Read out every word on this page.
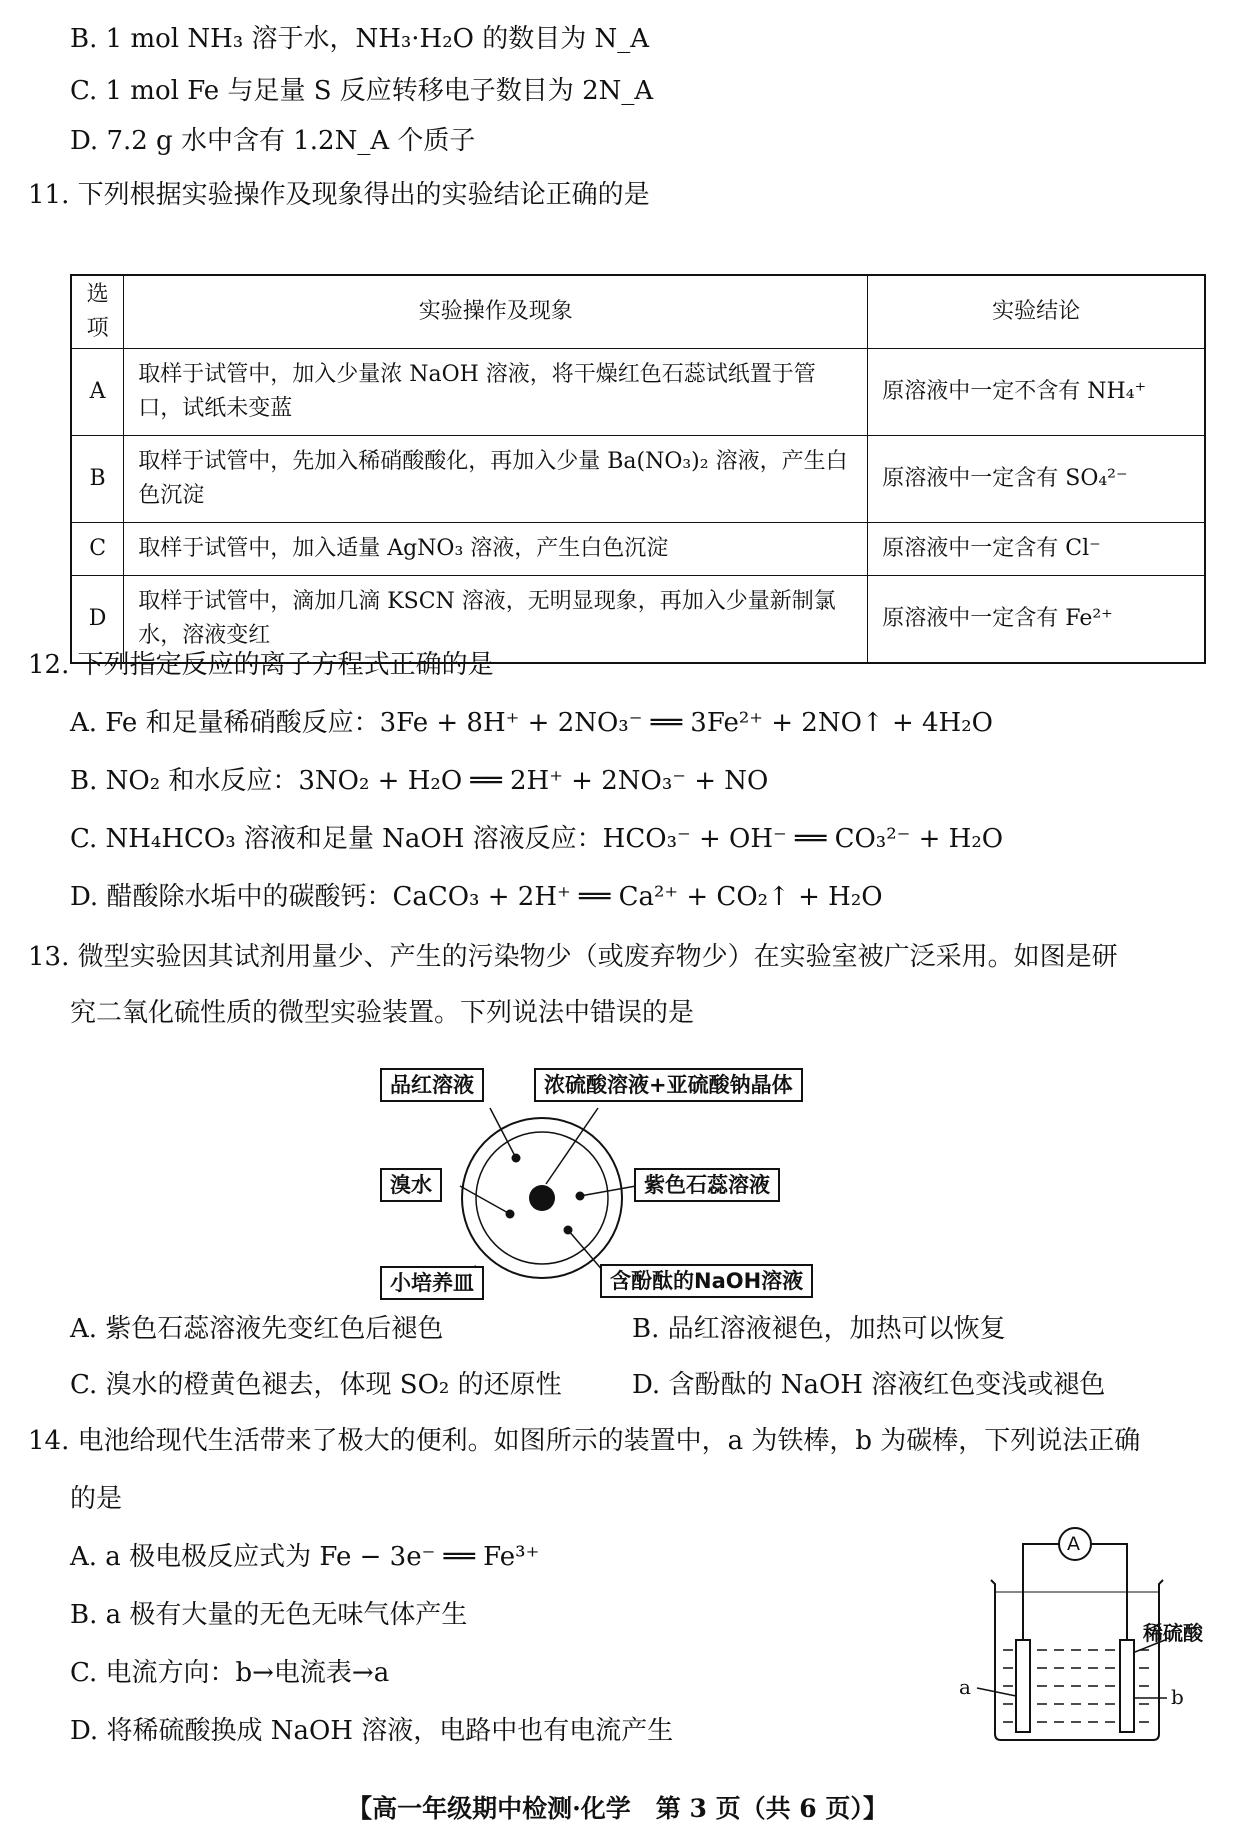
B. 1 mol NH₃ 溶于水，NH₃·H₂O 的数目为 N_A
C. 1 mol Fe 与足量 S 反应转移电子数目为 2N_A
D. 7.2 g 水中含有 1.2N_A 个质子
11. 下列根据实验操作及现象得出的实验结论正确的是
选项	实验操作及现象	实验结论
A	取样于试管中，加入少量浓 NaOH 溶液，将干燥红色石蕊试纸置于管口，试纸未变蓝	原溶液中一定不含有 NH₄⁺
B	取样于试管中，先加入稀硝酸酸化，再加入少量 Ba(NO₃)₂ 溶液，产生白色沉淀	原溶液中一定含有 SO₄²⁻
C	取样于试管中，加入适量 AgNO₃ 溶液，产生白色沉淀	原溶液中一定含有 Cl⁻
D	取样于试管中，滴加几滴 KSCN 溶液，无明显现象，再加入少量新制氯水，溶液变红	原溶液中一定含有 Fe²⁺
12. 下列指定反应的离子方程式正确的是
A. Fe 和足量稀硝酸反应：3Fe + 8H⁺ + 2NO₃⁻ ══ 3Fe²⁺ + 2NO↑ + 4H₂O
B. NO₂ 和水反应：3NO₂ + H₂O ══ 2H⁺ + 2NO₃⁻ + NO
C. NH₄HCO₃ 溶液和足量 NaOH 溶液反应：HCO₃⁻ + OH⁻ ══ CO₃²⁻ + H₂O
D. 醋酸除水垢中的碳酸钙：CaCO₃ + 2H⁺ ══ Ca²⁺ + CO₂↑ + H₂O
13. 微型实验因其试剂用量少、产生的污染物少（或废弃物少）在实验室被广泛采用。如图是研
究二氧化硫性质的微型实验装置。下列说法中错误的是
品红溶液	浓硫酸溶液+亚硫酸钠晶体
溴水	紫色石蕊溶液
小培养皿	含酚酞的NaOH溶液
A. 紫色石蕊溶液先变红色后褪色	B. 品红溶液褪色，加热可以恢复
C. 溴水的橙黄色褪去，体现 SO₂ 的还原性	D. 含酚酞的 NaOH 溶液红色变浅或褪色
14. 电池给现代生活带来了极大的便利。如图所示的装置中，a 为铁棒，b 为碳棒，下列说法正确
的是
A. a 极电极反应式为 Fe − 3e⁻ ══ Fe³⁺
B. a 极有大量的无色无味气体产生
C. 电流方向：b→电流表→a
D. 将稀硫酸换成 NaOH 溶液，电路中也有电流产生
A
稀硫酸
a	b
【高一年级期中检测·化学　第 3 页（共 6 页）】
